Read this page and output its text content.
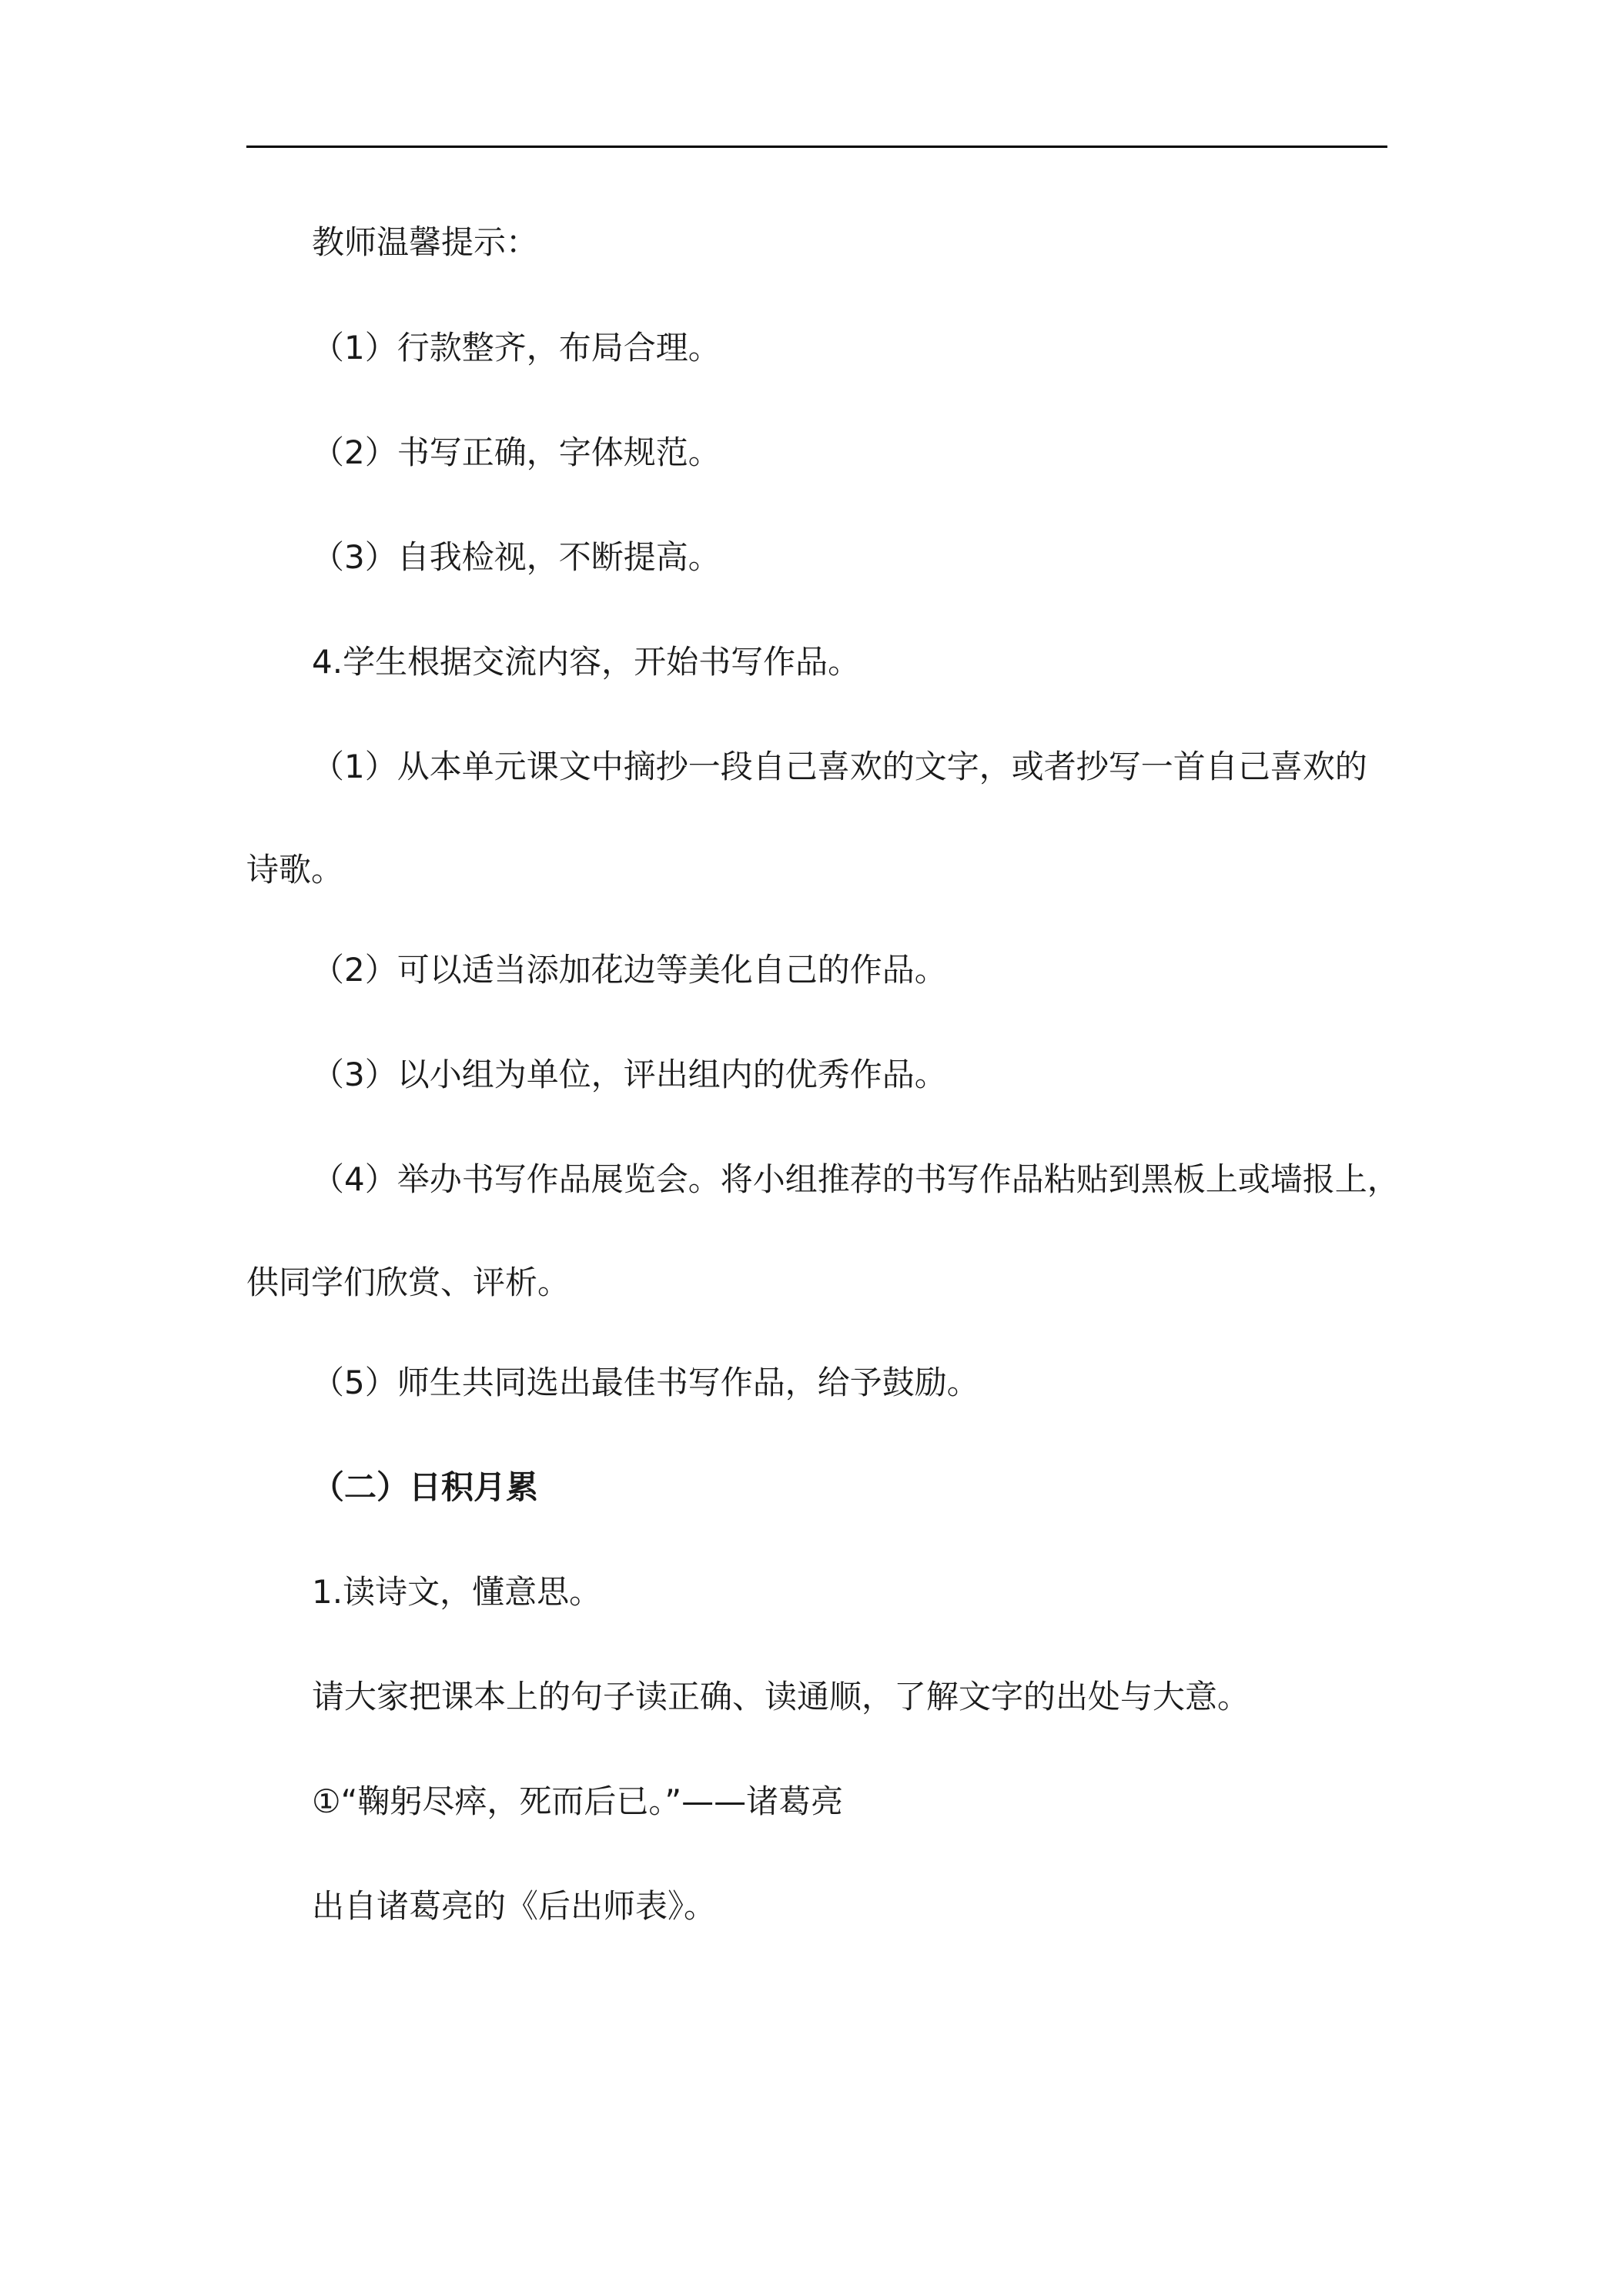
教师温馨提示：
（1）行款整齐，布局合理。
（2）书写正确，字体规范。
（3）自我检视，不断提高。
4.学生根据交流内容，开始书写作品。
（1）从本单元课文中摘抄一段自己喜欢的文字，或者抄写一首自己喜欢的
诗歌。
（2）可以适当添加花边等美化自己的作品。
（3）以小组为单位，评出组内的优秀作品。
（4）举办书写作品展览会。将小组推荐的书写作品粘贴到黑板上或墙报上，
供同学们欣赏、评析。
（5）师生共同选出最佳书写作品，给予鼓励。
（二）日积月累
1.读诗文，懂意思。
请大家把课本上的句子读正确、读通顺，了解文字的出处与大意。
①“鞠躬尽瘁，死而后已。”——诸葛亮
出自诸葛亮的《后出师表》。
